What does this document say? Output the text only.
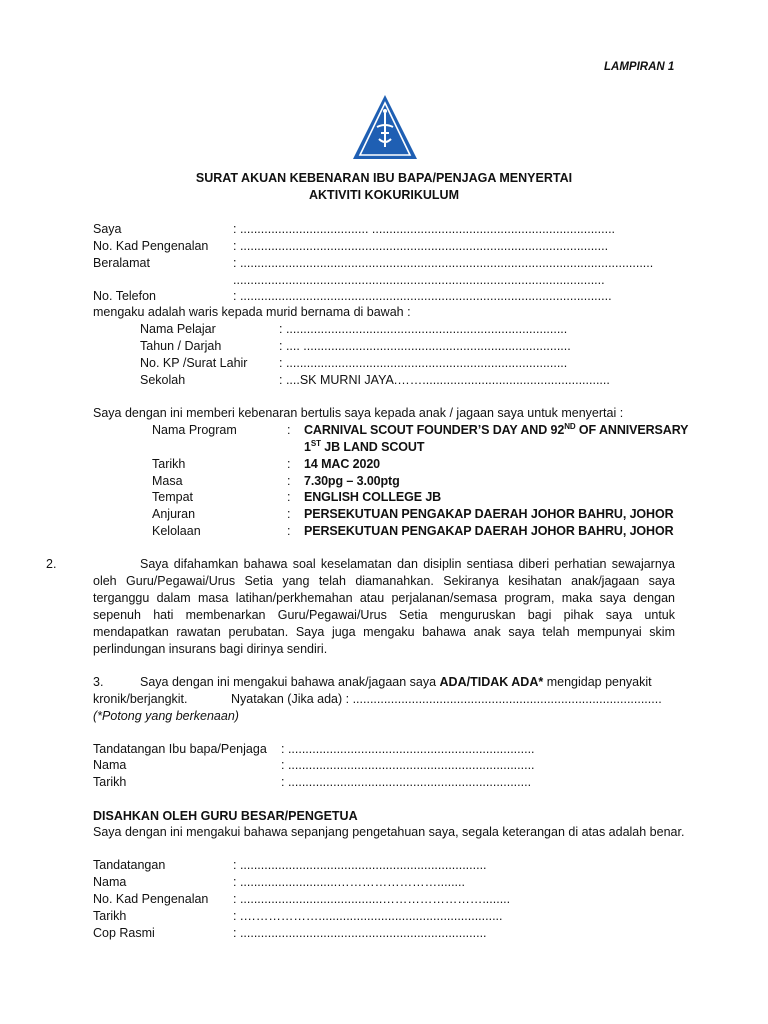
LAMPIRAN 1
SURAT AKUAN KEBENARAN IBU BAPA/PENJAGA MENYERTAI
AKTIVITI KOKURIKULUM
Saya	: ..................................... ......................................................................
No. Kad Pengenalan : ..........................................................................................................
Beralamat	: .......................................................................................................................
...........................................................................................................
No. Telefon	: ...........................................................................................................
mengaku adalah waris kepada murid bernama di bawah :
Nama Pelajar	: .................................................................................
Tahun / Darjah	: .... .............................................................................
No. KP /Surat Lahir	: .................................................................................
Sekolah	: ....SK MURNI JAYA.……......................................................
Saya dengan ini memberi kebenaran bertulis saya kepada anak / jagaan saya untuk menyertai :
Nama Program	: CARNIVAL SCOUT FOUNDER’S DAY AND 92ND OF ANNIVERSARY
1ST JB LAND SCOUT
Tarikh	: 14 MAC 2020
Masa	: 7.30pg – 3.00ptg
Tempat	: ENGLISH COLLEGE JB
Anjuran	: PERSEKUTUAN PENGAKAP DAERAH JOHOR BAHRU, JOHOR
Kelolaan	: PERSEKUTUAN PENGAKAP DAERAH JOHOR BAHRU, JOHOR
2.	Saya difahamkan bahawa soal keselamatan dan disiplin sentiasa diberi perhatian sewajarnya oleh Guru/Pegawai/Urus Setia yang telah diamanahkan. Sekiranya kesihatan anak/jagaan saya terganggu dalam masa latihan/perkhemahan atau perjalanan/semasa program, maka saya dengan sepenuh hati membenarkan Guru/Pegawai/Urus Setia menguruskan bagi pihak saya untuk mendapatkan rawatan perubatan. Saya juga mengaku bahawa anak saya telah mempunyai skim perlindungan insurans bagi dirinya sendiri.
3.	Saya dengan ini mengakui bahawa anak/jagaan saya ADA/TIDAK ADA* mengidap penyakit
kronik/berjangkit.	Nyatakan (Jika ada) : .........................................................................................
(*Potong yang berkenaan)
Tandatangan Ibu bapa/Penjaga : .......................................................................
Nama	: .......................................................................
Tarikh	: ......................................................................
DISAHKAN OLEH GURU BESAR/PENGETUA
Saya dengan ini mengakui bahawa sepanjang pengetahuan saya, segala keterangan di atas adalah benar.
Tandatangan	: .......................................................................
Nama	: ............................……………………........
No. Kad Pengenalan : .........................................……………………........
Tarikh	: .……………….....................................................
Cop Rasmi	: .......................................................................
